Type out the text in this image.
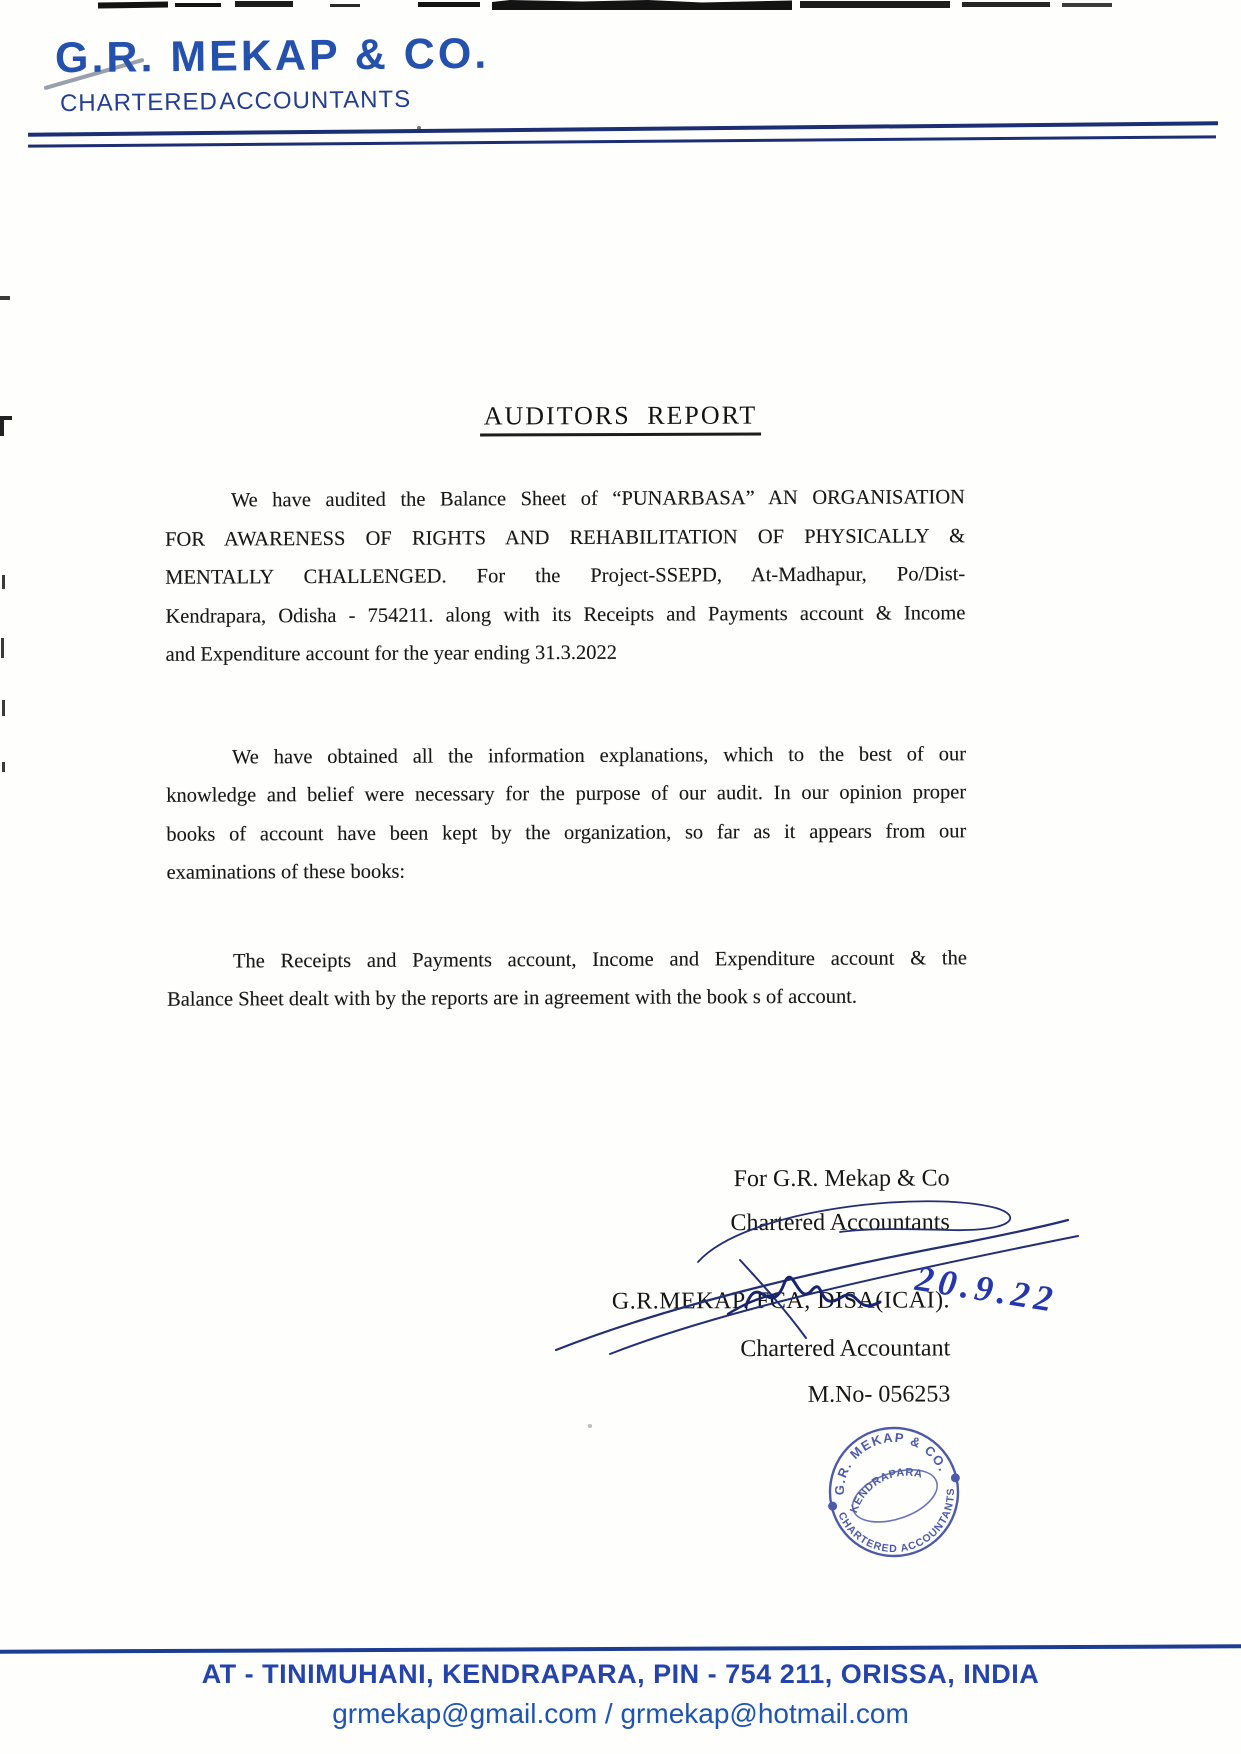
G.R. MEKAP & CO.
CHARTERED ACCOUNTANTS
AUDITORS REPORT
We have audited the Balance Sheet of “PUNARBASA” AN ORGANISATION
FOR AWARENESS OF RIGHTS AND REHABILITATION OF PHYSICALLY &
MENTALLY CHALLENGED. For the Project-SSEPD, At-Madhapur, Po/Dist-
Kendrapara, Odisha - 754211. along with its Receipts and Payments account & Income
and Expenditure account for the year ending 31.3.2022
We have obtained all the information explanations, which to the best of our
knowledge and belief were necessary for the purpose of our audit. In our opinion proper
books of account have been kept by the organization, so far as it appears from our
examinations of these books:
The Receipts and Payments account, Income and Expenditure account & the
Balance Sheet dealt with by the reports are in agreement with the book s of account.
For G.R. Mekap & Co
Chartered Accountants
G.R.MEKAP, FCA, DISA(ICAI).
Chartered Accountant
M.No- 056253
20.9.22
G.R. MEKAP & CO.
CHARTERED ACCOUNTANTS
KENDRAPARA
AT - TINIMUHANI, KENDRAPARA, PIN - 754 211, ORISSA, INDIA
grmekap@gmail.com / grmekap@hotmail.com
